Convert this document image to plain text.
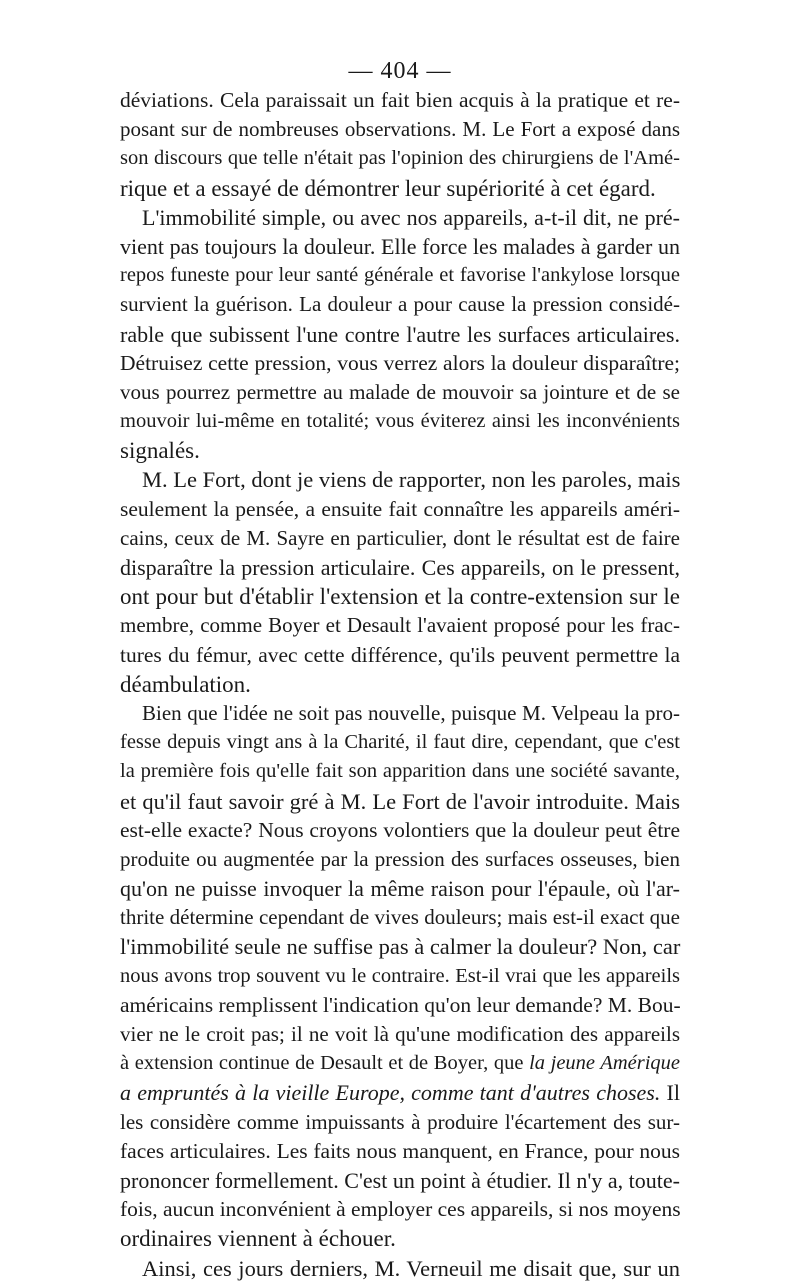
— 404 —
déviations. Cela paraissait un fait bien acquis à la pratique et re-
posant sur de nombreuses observations. M. Le Fort a exposé dans
son discours que telle n'était pas l'opinion des chirurgiens de l'Amé-
rique et a essayé de démontrer leur supériorité à cet égard.
L'immobilité simple, ou avec nos appareils, a-t-il dit, ne pré-
vient pas toujours la douleur. Elle force les malades à garder un
repos funeste pour leur santé générale et favorise l'ankylose lorsque
survient la guérison. La douleur a pour cause la pression considé-
rable que subissent l'une contre l'autre les surfaces articulaires.
Détruisez cette pression, vous verrez alors la douleur disparaître;
vous pourrez permettre au malade de mouvoir sa jointure et de se
mouvoir lui-même en totalité; vous éviterez ainsi les inconvénients
signalés.
M. Le Fort, dont je viens de rapporter, non les paroles, mais
seulement la pensée, a ensuite fait connaître les appareils améri-
cains, ceux de M. Sayre en particulier, dont le résultat est de faire
disparaître la pression articulaire. Ces appareils, on le pressent,
ont pour but d'établir l'extension et la contre-extension sur le
membre, comme Boyer et Desault l'avaient proposé pour les frac-
tures du fémur, avec cette différence, qu'ils peuvent permettre la
déambulation.
Bien que l'idée ne soit pas nouvelle, puisque M. Velpeau la pro-
fesse depuis vingt ans à la Charité, il faut dire, cependant, que c'est
la première fois qu'elle fait son apparition dans une société savante,
et qu'il faut savoir gré à M. Le Fort de l'avoir introduite. Mais
est-elle exacte? Nous croyons volontiers que la douleur peut être
produite ou augmentée par la pression des surfaces osseuses, bien
qu'on ne puisse invoquer la même raison pour l'épaule, où l'ar-
thrite détermine cependant de vives douleurs; mais est-il exact que
l'immobilité seule ne suffise pas à calmer la douleur? Non, car
nous avons trop souvent vu le contraire. Est-il vrai que les appareils
américains remplissent l'indication qu'on leur demande? M. Bou-
vier ne le croit pas; il ne voit là qu'une modification des appareils
à extension continue de Desault et de Boyer, que la jeune Amérique
a empruntés à la vieille Europe, comme tant d'autres choses. Il
les considère comme impuissants à produire l'écartement des sur-
faces articulaires. Les faits nous manquent, en France, pour nous
prononcer formellement. C'est un point à étudier. Il n'y a, toute-
fois, aucun inconvénient à employer ces appareils, si nos moyens
ordinaires viennent à échouer.
Ainsi, ces jours derniers, M. Verneuil me disait que, sur un
